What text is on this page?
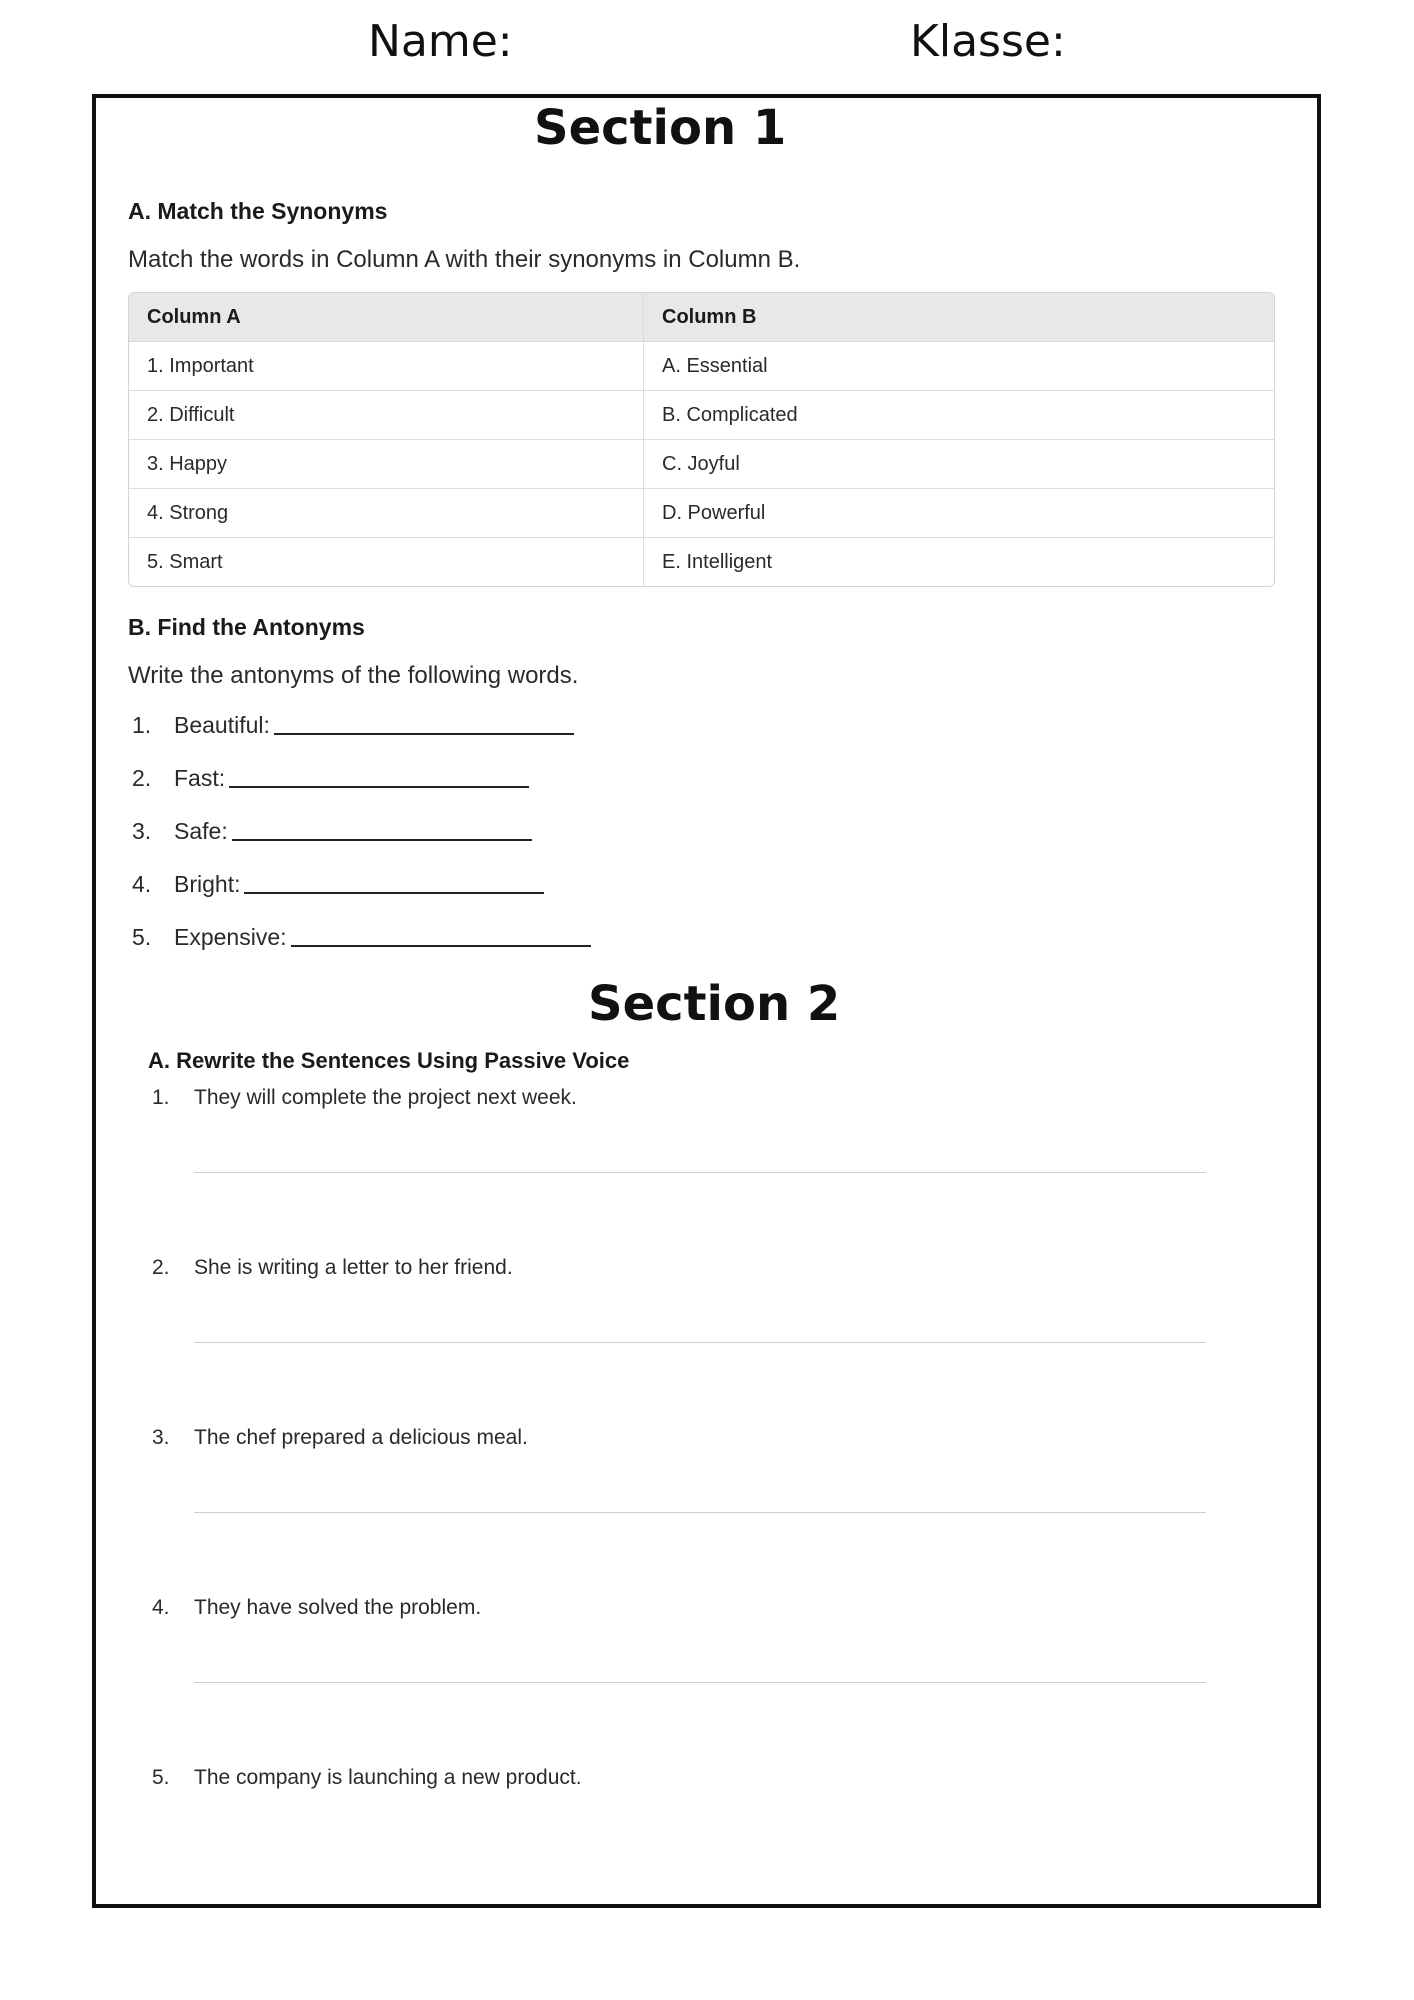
Name:	Klasse:
Section 1
A. Match the Synonyms
Match the words in Column A with their synonyms in Column B.
Column A	Column B
1. Important	A. Essential
2. Difficult	B. Complicated
3. Happy	C. Joyful
4. Strong	D. Powerful
5. Smart	E. Intelligent
B. Find the Antonyms
Write the antonyms of the following words.
1. Beautiful:
2. Fast:
3. Safe:
4. Bright:
5. Expensive:
Section 2
A. Rewrite the Sentences Using Passive Voice
1. They will complete the project next week.
2. She is writing a letter to her friend.
3. The chef prepared a delicious meal.
4. They have solved the problem.
5. The company is launching a new product.
